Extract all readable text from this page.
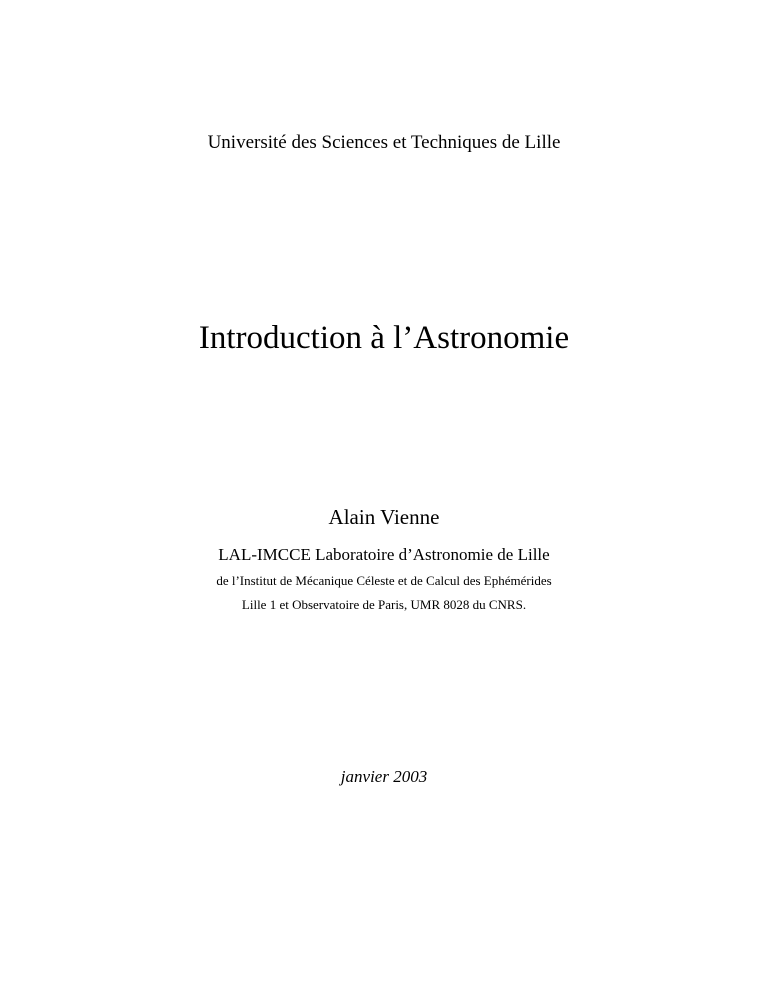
Université des Sciences et Techniques de Lille

Introduction à l’Astronomie

Alain Vienne

LAL-IMCCE Laboratoire d’Astronomie de Lille

de l’Institut de Mécanique Céleste et de Calcul des Ephémérides

Lille 1 et Observatoire de Paris, UMR 8028 du CNRS.

janvier 2003
